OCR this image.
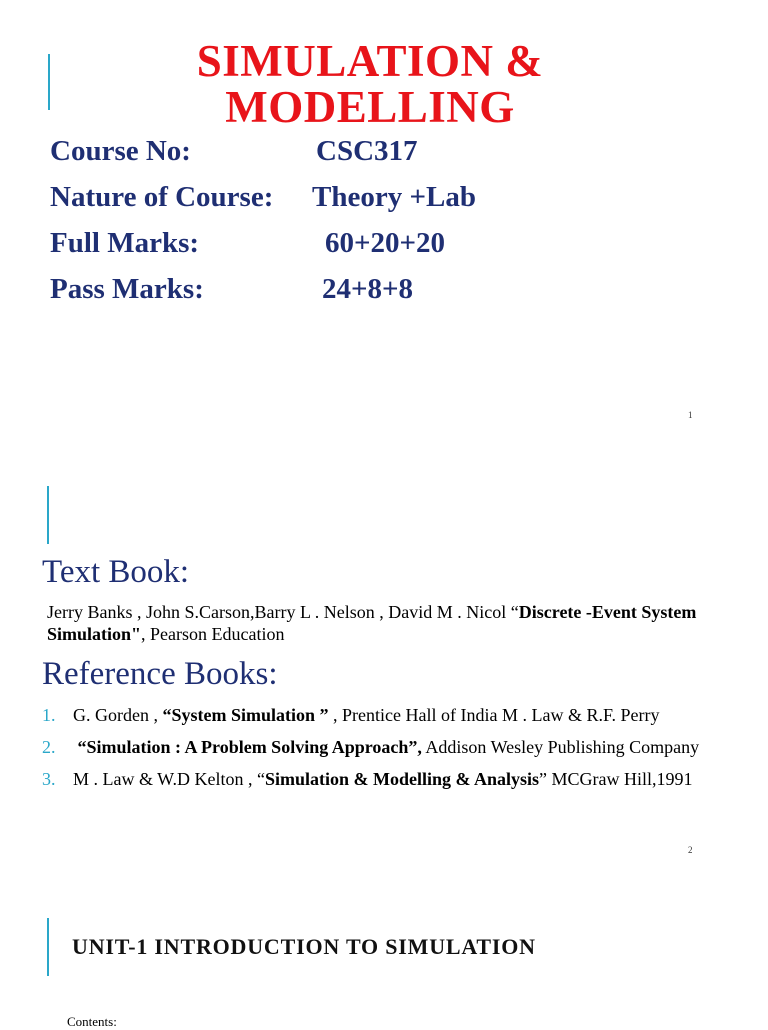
SIMULATION &
MODELLING
Course No:	CSC317
Nature of Course: Theory +Lab
Full Marks:	60+20+20
Pass Marks:	24+8+8
1
Text Book:

Jerry Banks , John S.Carson,Barry L . Nelson , David M . Nicol “Discrete -Event System Simulation", Pearson Education

Reference Books:
1. G. Gorden , “System Simulation ” , Prentice Hall of India M . Law & R.F. Perry
2. “Simulation : A Problem Solving Approach”, Addison Wesley Publishing Company
3. M . Law & W.D Kelton , “Simulation & Modelling & Analysis” MCGraw Hill,1991
2
UNIT-1 INTRODUCTION TO SIMULATION
Contents:
